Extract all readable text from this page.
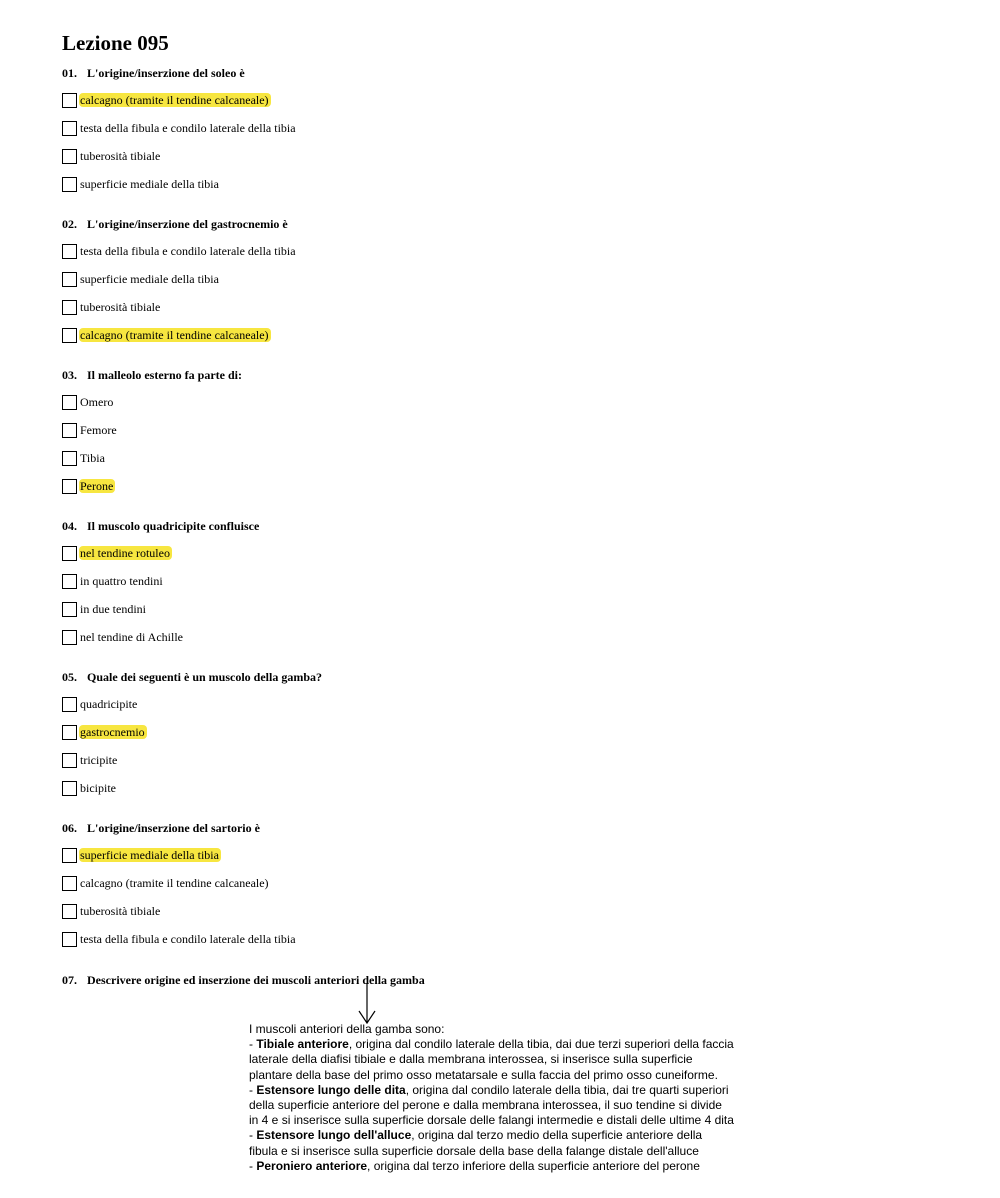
Lezione 095
01. L'origine/inserzione del soleo è
calcagno (tramite il tendine calcaneale)
testa della fibula e condilo laterale della tibia
tuberosità tibiale
superficie mediale della tibia
02. L'origine/inserzione del gastrocnemio è
testa della fibula e condilo laterale della tibia
superficie mediale della tibia
tuberosità tibiale
calcagno (tramite il tendine calcaneale)
03. Il malleolo esterno fa parte di:
Omero
Femore
Tibia
Perone
04. Il muscolo quadricipite confluisce
nel tendine rotuleo
in quattro tendini
in due tendini
nel tendine di Achille
05. Quale dei seguenti è un muscolo della gamba?
quadricipite
gastrocnemio
tricipite
bicipite
06. L'origine/inserzione del sartorio è
superficie mediale della tibia
calcagno (tramite il tendine calcaneale)
tuberosità tibiale
testa della fibula e condilo laterale della tibia
07. Descrivere origine ed inserzione dei muscoli anteriori della gamba

I muscoli anteriori della gamba sono:

- Tibiale anteriore, origina dal condilo laterale della tibia, dai due terzi superiori della faccia laterale della diafisi tibiale e dalla membrana interossea, si inserisce sulla superficie plantare della base del primo osso metatarsale e sulla faccia del primo osso cuneiforme.

- Estensore lungo delle dita, origina dal condilo laterale della tibia, dai tre quarti superiori della superficie anteriore del perone e dalla membrana interossea, il suo tendine si divide in 4 e si inserisce sulla superficie dorsale delle falangi intermedie e distali delle ultime 4 dita

- Estensore lungo dell'alluce, origina dal terzo medio della superficie anteriore della fibula e si inserisce sulla superficie dorsale della base della falange distale dell'alluce

- Peroniero anteriore, origina dal terzo inferiore della superficie anteriore del perone
